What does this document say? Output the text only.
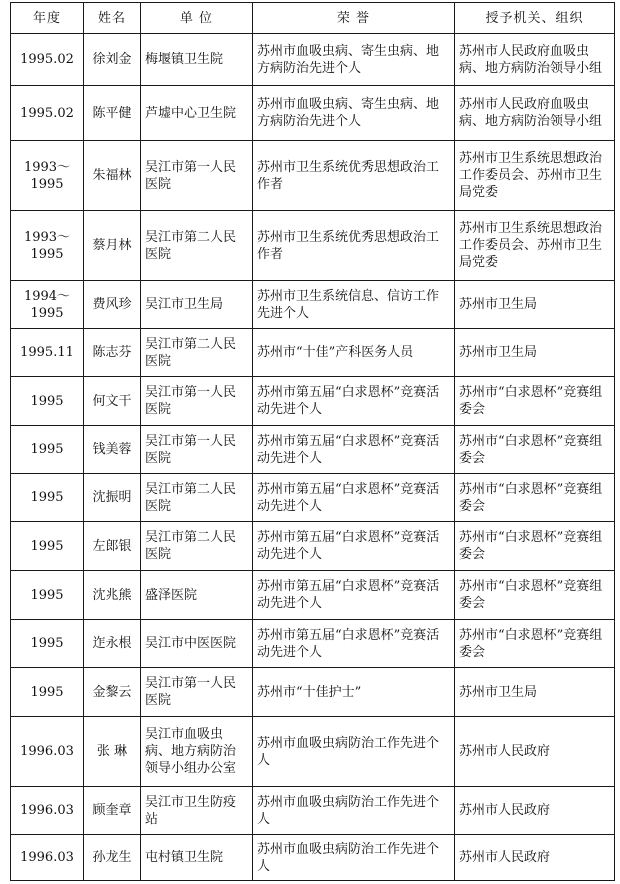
年度	姓名	单 位	荣 誉	授予机关、组织
1995.02	徐刘金	梅堰镇卫生院	苏州市血吸虫病、寄生虫病、地方病防治先进个人	苏州市人民政府血吸虫病、地方病防治领导小组
1995.02	陈平健	芦墟中心卫生院	苏州市血吸虫病、寄生虫病、地方病防治先进个人	苏州市人民政府血吸虫病、地方病防治领导小组
1993～1995	朱福林	吴江市第一人民医院	苏州市卫生系统优秀思想政治工作者	苏州市卫生系统思想政治工作委员会、苏州市卫生局党委
1993～1995	蔡月林	吴江市第二人民医院	苏州市卫生系统优秀思想政治工作者	苏州市卫生系统思想政治工作委员会、苏州市卫生局党委
1994～1995	费风珍	吴江市卫生局	苏州市卫生系统信息、信访工作先进个人	苏州市卫生局
1995.11	陈志芬	吴江市第二人民医院	苏州市“十佳”产科医务人员	苏州市卫生局
1995	何文干	吴江市第一人民医院	苏州市第五届“白求恩杯”竞赛活动先进个人	苏州市“白求恩杯”竞赛组委会
1995	钱美蓉	吴江市第一人民医院	苏州市第五届“白求恩杯”竞赛活动先进个人	苏州市“白求恩杯”竞赛组委会
1995	沈振明	吴江市第二人民医院	苏州市第五届“白求恩杯”竞赛活动先进个人	苏州市“白求恩杯”竞赛组委会
1995	左郎银	吴江市第二人民医院	苏州市第五届“白求恩杯”竞赛活动先进个人	苏州市“白求恩杯”竞赛组委会
1995	沈兆熊	盛泽医院	苏州市第五届“白求恩杯”竞赛活动先进个人	苏州市“白求恩杯”竞赛组委会
1995	迮永根	吴江市中医医院	苏州市第五届“白求恩杯”竞赛活动先进个人	苏州市“白求恩杯”竞赛组委会
1995	金黎云	吴江市第一人民医院	苏州市“十佳护士”	苏州市卫生局
1996.03	张 琳	吴江市血吸虫病、地方病防治领导小组办公室	苏州市血吸虫病防治工作先进个人	苏州市人民政府
1996.03	顾奎章	吴江市卫生防疫站	苏州市血吸虫病防治工作先进个人	苏州市人民政府
1996.03	孙龙生	屯村镇卫生院	苏州市血吸虫病防治工作先进个人	苏州市人民政府
